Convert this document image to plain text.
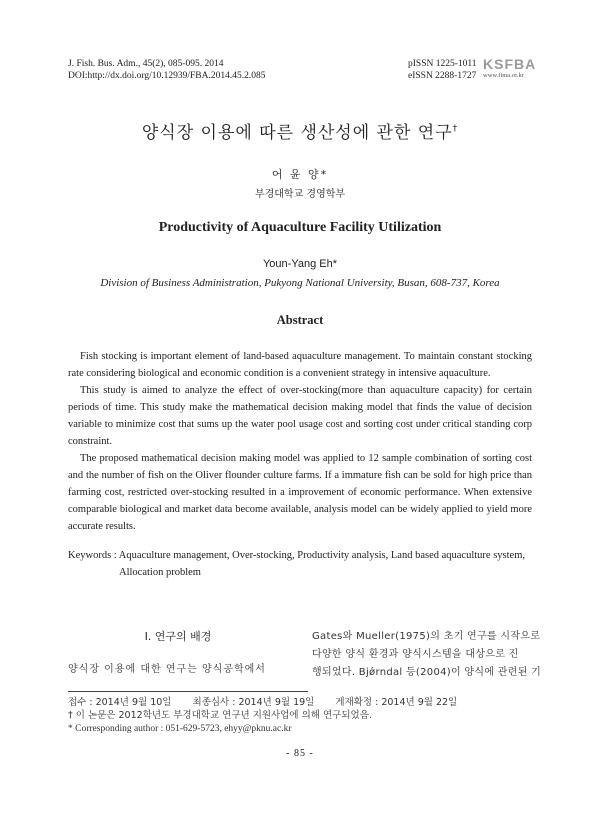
J. Fish. Bus. Adm., 45(2), 085-095. 2014
DOI:http://dx.doi.org/10.12939/FBA.2014.45.2.085
pISSN 1225-1011
eISSN 2288-1727
KSFBA
www.fima.or.kr
양식장 이용에 따른 생산성에 관한 연구†
어 윤 양*
부경대학교 경영학부
Productivity of Aquaculture Facility Utilization
Youn-Yang Eh*
Division of Business Administration, Pukyong National University, Busan, 608-737, Korea
Abstract

Fish stocking is important element of land-based aquaculture management. To maintain constant stocking rate considering biological and economic condition is a convenient strategy in intensive aquaculture.

This study is aimed to analyze the effect of over-stocking(more than aquaculture capacity) for certain periods of time. This study make the mathematical decision making model that finds the value of decision variable to minimize cost that sums up the water pool usage cost and sorting cost under critical standing corp constraint.

The proposed mathematical decision making model was applied to 12 sample combination of sorting cost and the number of fish on the Oliver flounder culture farms. If a immature fish can be sold for high price than farming cost, restricted over-stocking resulted in a improvement of economic performance. When extensive comparable biological and market data become available, analysis model can be widely applied to yield more accurate results.

Keywords : Aquaculture management, Over-stocking, Productivity analysis, Land based aquaculture system,
Allocation problem
Ⅰ. 연구의 배경
양식장 이용에 대한 연구는 양식공학에서
Gates와 Mueller(1975)의 초기 연구를 시작으로
다양한 양식 환경과 양식시스템을 대상으로 진
행되었다. Bjǿrndal 등(2004)이 양식에 관련된 기
접수 : 2014년 9월 10일 최종심사 : 2014년 9월 19일 게재확정 : 2014년 9월 22일
† 이 논문은 2012학년도 부경대학교 연구년 지원사업에 의해 연구되었음.
* Corresponding author : 051-629-5723, ehyy@pknu.ac.kr
- 85 -
